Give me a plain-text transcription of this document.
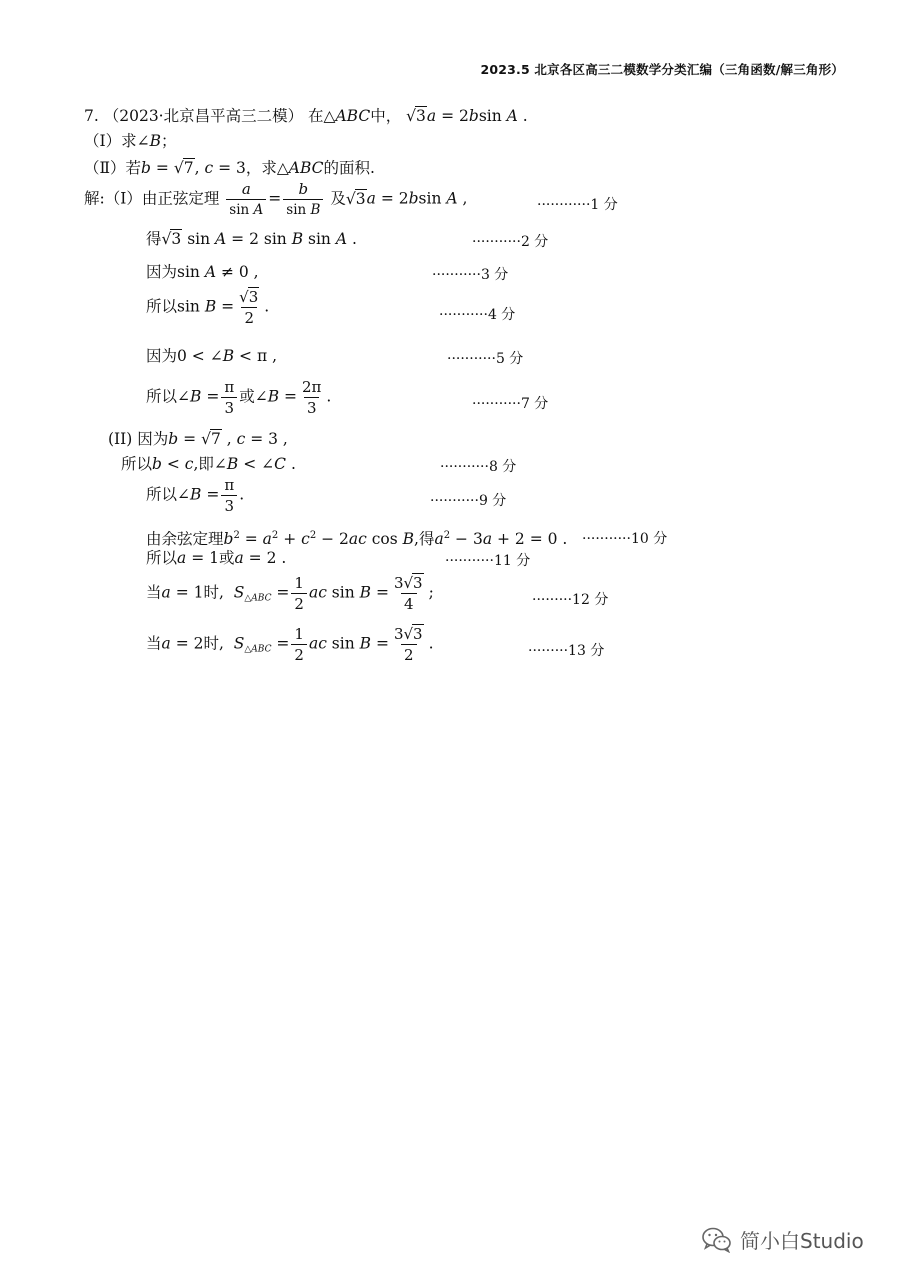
2023.5 北京各区高三二模数学分类汇编（三角函数/解三角形）
7. （2023·北京昌平高三二模） 在△ABC中， √3a = 2bsin A .
（Ⅰ）求∠B；
（Ⅱ）若b = √7, c = 3，求△ABC的面积.
解:（Ⅰ）由正弦定理 $\frac{a}{\text{sin A}} = \frac{b}{\text{sin B}}$ 及√3a = 2bsin A ,	············1 分
得√3 sin A = 2 sin B sin A .	···········2 分
因为sin A ≠ 0 ,	···········3 分
所以$\sin B = \frac{√3}{2}$ .	···········4 分
因为0 < ∠B < π ,	···········5 分
所以∠B = $\frac{\pi}{3}$ 或∠B = $\frac{2\pi}{3}$ .	···········7 分
(II) 因为b = √7 , c = 3 ,
所以b < c,即∠B < ∠C .	···········8 分
所以∠B = $\frac{\pi}{3}$ .	···········9 分
由余弦定理$b^2 = a^2 + c^2 - 2ac$ cos B,得$a^2 - 3a + 2 = 0$ . ···········10 分
所以a = 1或a = 2 .	···········11 分
当a = 1时, $S_{\triangle ABC} = \frac{1}{2}$ ac $\sin B = \frac{3√3}{4}$ ;	·········12 分
当a = 2时, $S_{\triangle ABC} = \frac{1}{2}$ ac $\sin B = \frac{3√3}{2}$ .	·········13 分
简小白Studio
